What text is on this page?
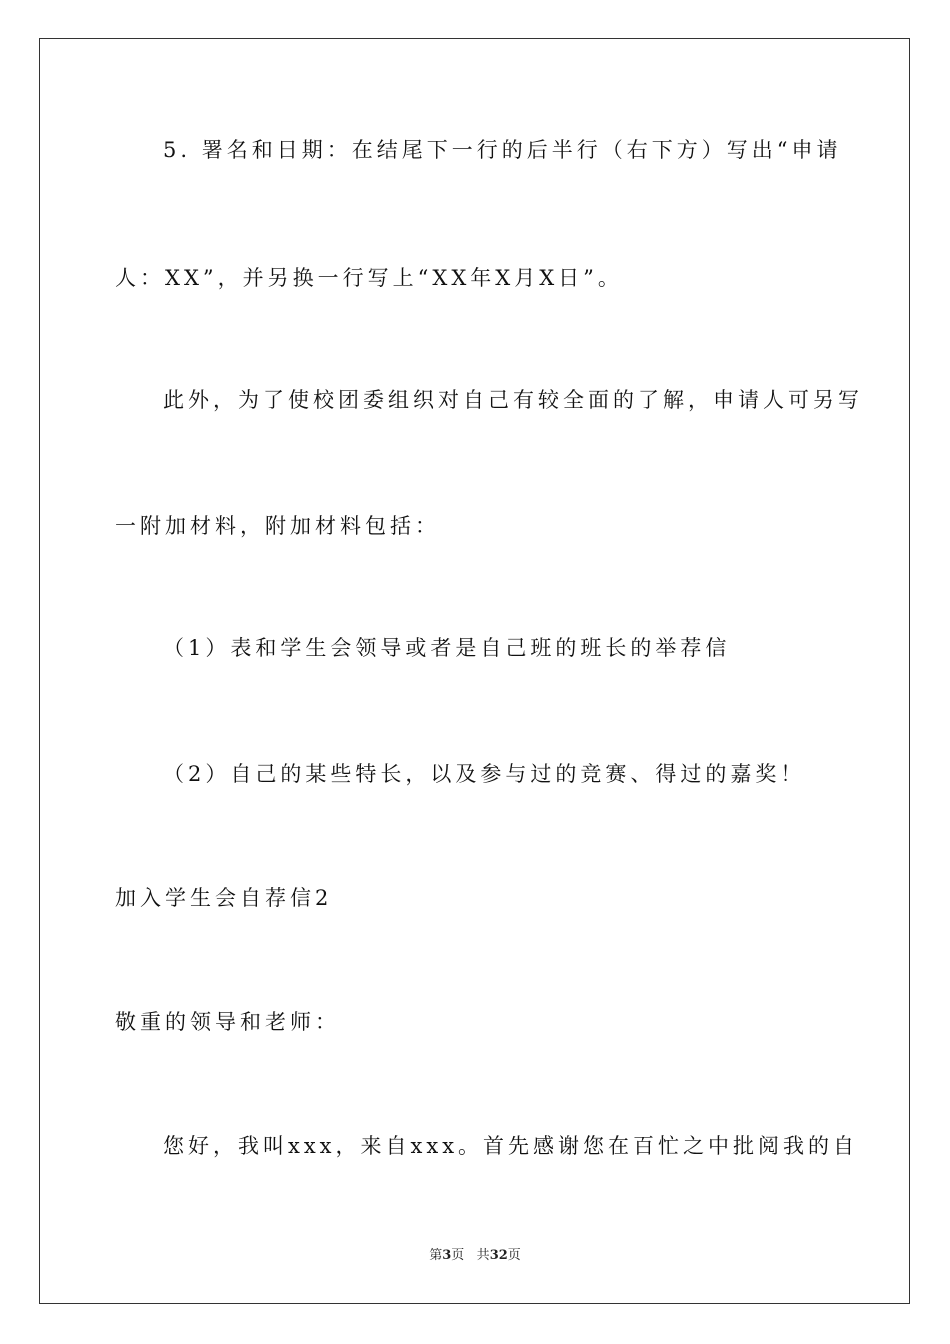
5. 署名和日期：在结尾下一行的后半行（右下方）写出“申请
人：XX”，并另换一行写上“XX年X月X日”。
此外，为了使校团委组织对自己有较全面的了解，申请人可另写
一附加材料，附加材料包括：
（1）表和学生会领导或者是自己班的班长的举荐信
（2）自己的某些特长，以及参与过的竞赛、得过的嘉奖！
加入学生会自荐信2
敬重的领导和老师：
您好，我叫xxx，来自xxx。首先感谢您在百忙之中批阅我的自
第3页 共32页
